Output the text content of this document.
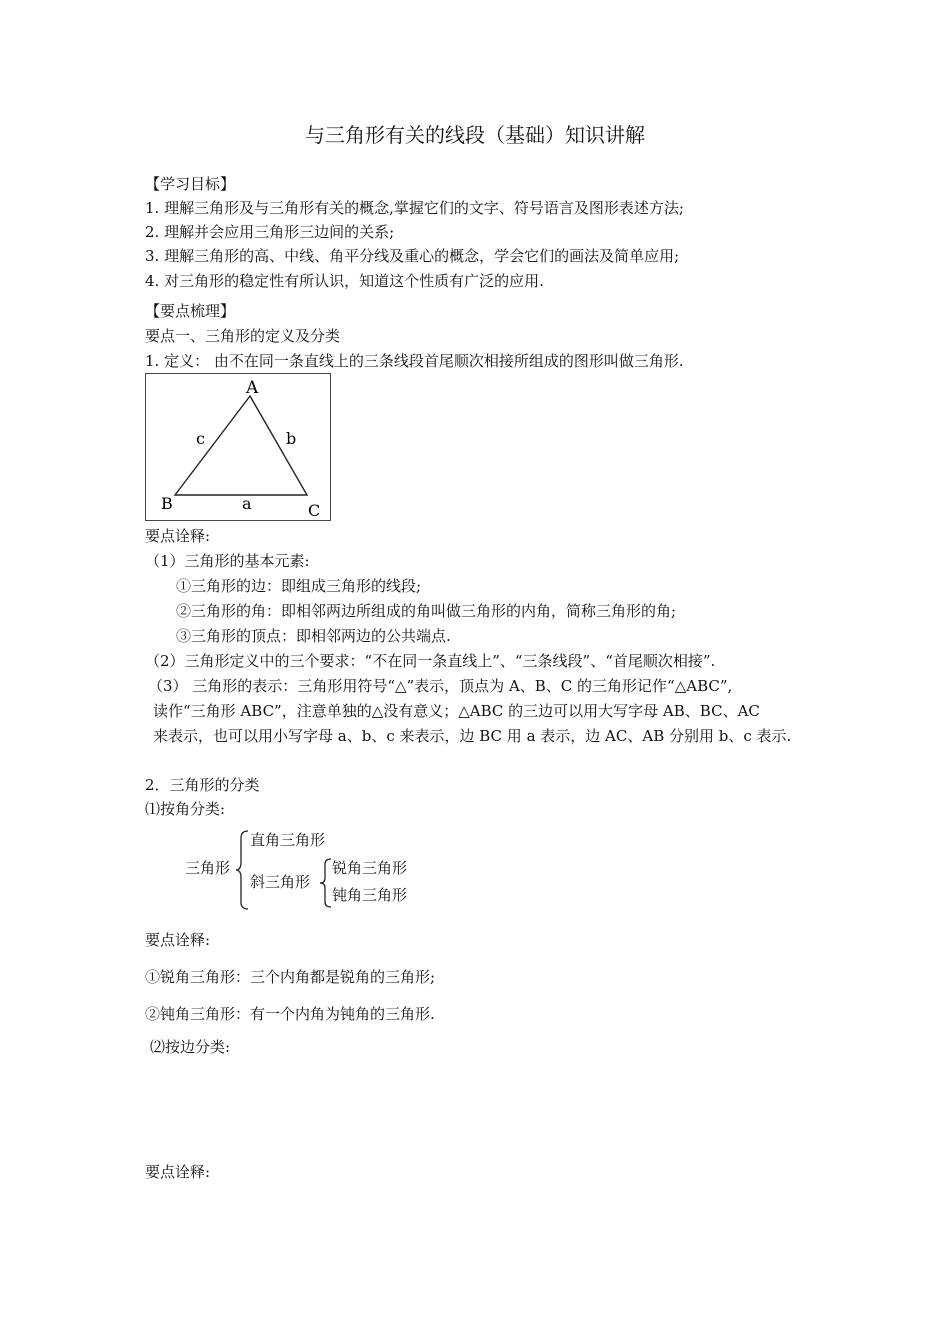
与三角形有关的线段（基础）知识讲解
【学习目标】
1. 理解三角形及与三角形有关的概念,掌握它们的文字、符号语言及图形表述方法;
2. 理解并会应用三角形三边间的关系;
3. 理解三角形的高、中线、角平分线及重心的概念，学会它们的画法及简单应用;
4. 对三角形的稳定性有所认识，知道这个性质有广泛的应用.
【要点梳理】
要点一、三角形的定义及分类
1. 定义： 由不在同一条直线上的三条线段首尾顺次相接所组成的图形叫做三角形.
A
B	C
a
b
c
要点诠释:
（1）三角形的基本元素:
①三角形的边：即组成三角形的线段;
②三角形的角：即相邻两边所组成的角叫做三角形的内角，简称三角形的角;
③三角形的顶点：即相邻两边的公共端点.
（2）三角形定义中的三个要求：“不在同一条直线上”、“三条线段”、“首尾顺次相接”.
（3） 三角形的表示：三角形用符号“△”表示，顶点为 A、B、C 的三角形记作“△ABC”,
读作“三角形 ABC”，注意单独的△没有意义；△ABC 的三边可以用大写字母 AB、BC、AC
来表示，也可以用小写字母 a、b、c 来表示，边 BC 用 a 表示，边 AC、AB 分别用 b、c 表示.
2．三角形的分类
⑴按角分类:
三角形
直角三角形
斜三角形
锐角三角形
钝角三角形
要点诠释:
①锐角三角形：三个内角都是锐角的三角形;
②钝角三角形：有一个内角为钝角的三角形.
⑵按边分类:
要点诠释:
